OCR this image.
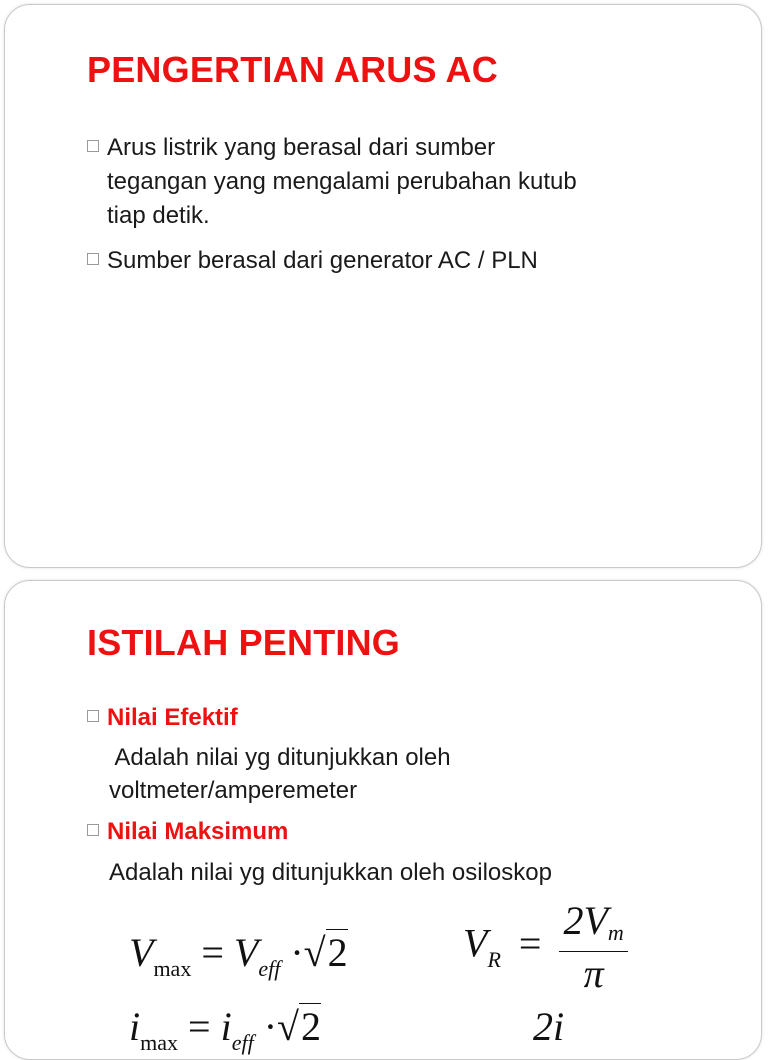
PENGERTIAN ARUS AC
Arus listrik yang berasal dari sumber
tegangan yang mengalami perubahan kutub
tiap detik.
Sumber berasal dari generator AC / PLN
ISTILAH PENTING
Nilai Efektif
Adalah nilai yg ditunjukkan oleh
voltmeter/amperemeter
Nilai Maksimum
Adalah nilai yg ditunjukkan oleh osiloskop
$V_{max} = V_{eff} \cdot√2$	$V_R = \frac{2Vm}{\pi}$
$i_{max} = i_{eff} \cdot√2$	2i
